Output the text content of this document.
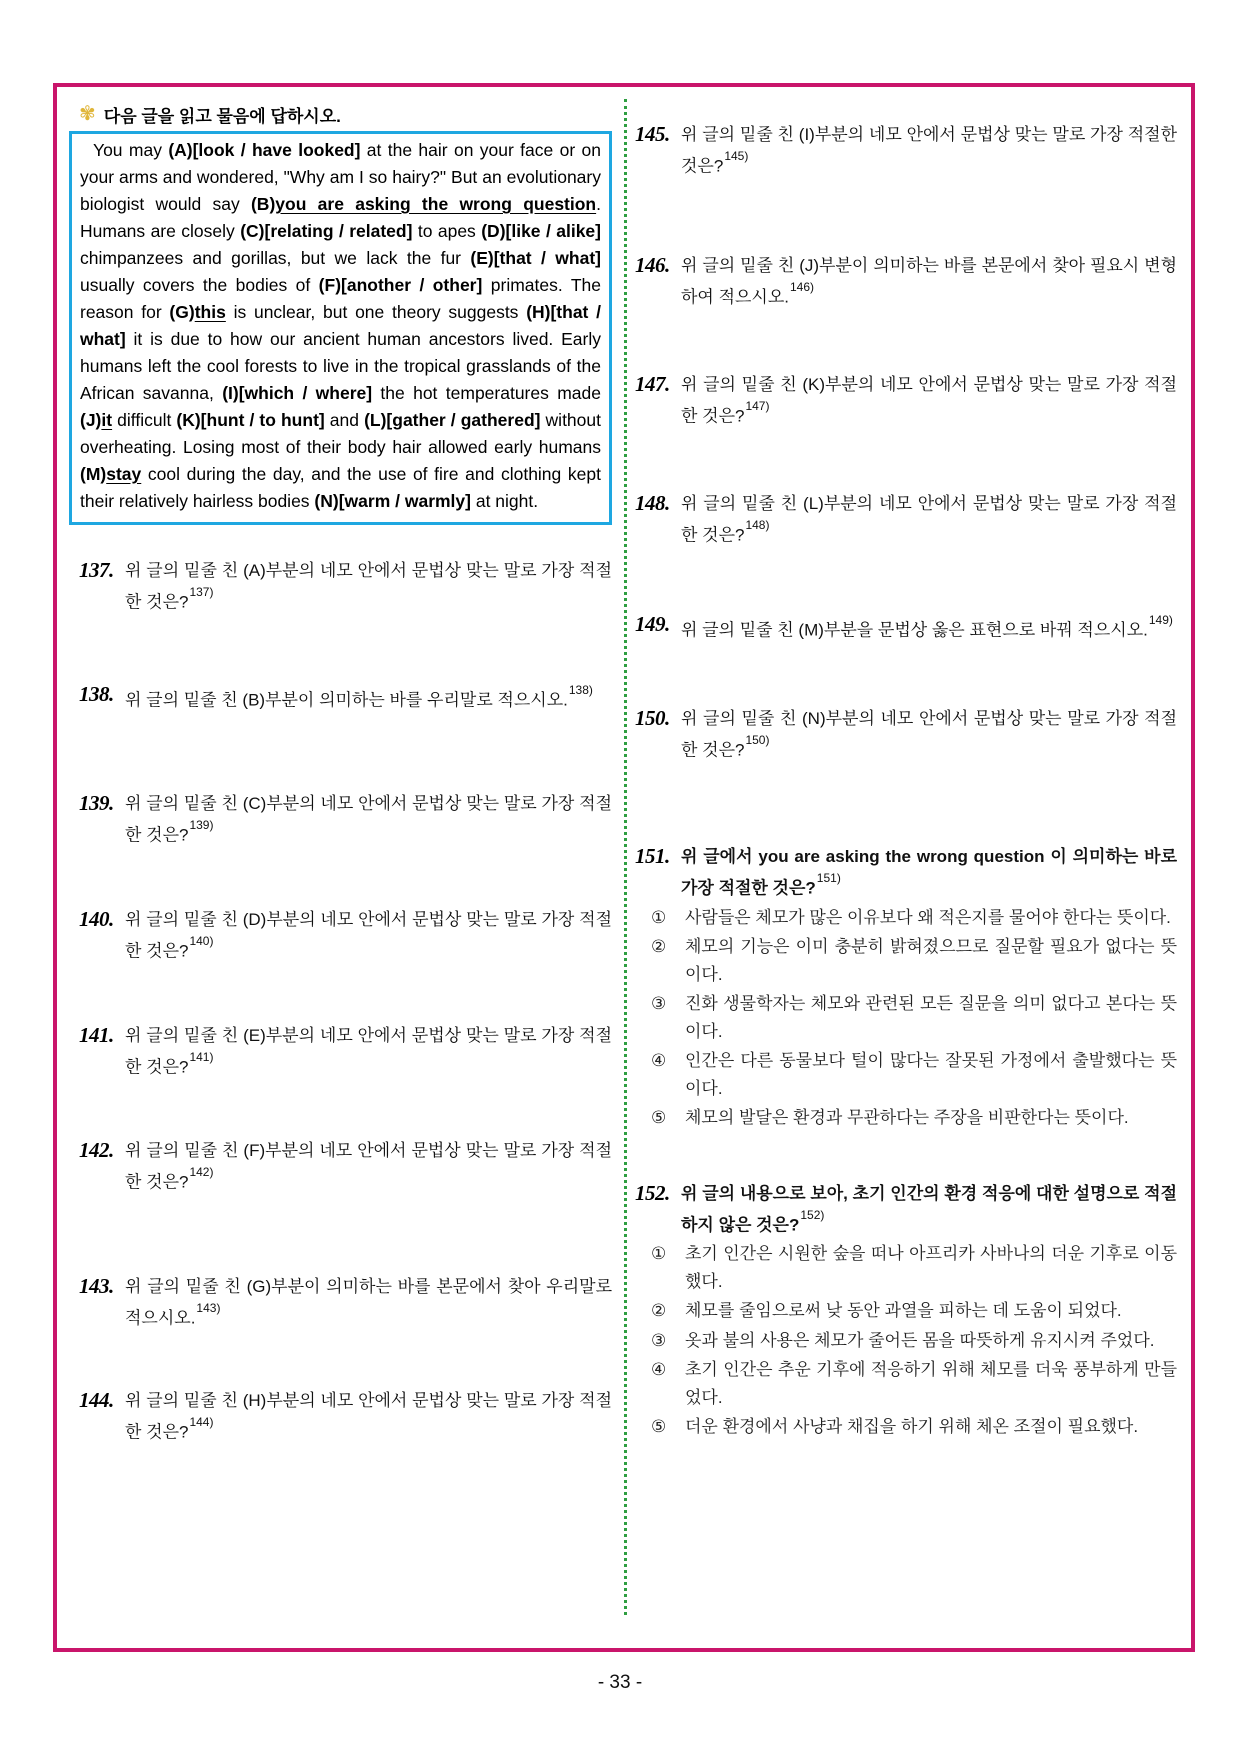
✾ 다음 글을 읽고 물음에 답하시오.

You may (A)[look / have looked] at the hair on your face or on your arms and wondered, "Why am I so hairy?" But an evolutionary biologist would say (B)you are asking the wrong question. Humans are closely (C)[relating / related] to apes (D)[like / alike] chimpanzees and gorillas, but we lack the fur (E)[that / what] usually covers the bodies of (F)[another / other] primates. The reason for (G)this is unclear, but one theory suggests (H)[that / what] it is due to how our ancient human ancestors lived. Early humans left the cool forests to live in the tropical grasslands of the African savanna, (I)[which / where] the hot temperatures made (J)it difficult (K)[hunt / to hunt] and (L)[gather / gathered] without overheating. Losing most of their body hair allowed early humans (M)stay cool during the day, and the use of fire and clothing kept their relatively hairless bodies (N)[warm / warmly] at night.

137. 위 글의 밑줄 친 (A)부분의 네모 안에서 문법상 맞는 말로 가장 적절한 것은?$^{137)}$
138. 위 글의 밑줄 친 (B)부분이 의미하는 바를 우리말로 적으시오.$^{138)}$
139. 위 글의 밑줄 친 (C)부분의 네모 안에서 문법상 맞는 말로 가장 적절한 것은?$^{139)}$
140. 위 글의 밑줄 친 (D)부분의 네모 안에서 문법상 맞는 말로 가장 적절한 것은?$^{140)}$
141. 위 글의 밑줄 친 (E)부분의 네모 안에서 문법상 맞는 말로 가장 적절한 것은?$^{141)}$
142. 위 글의 밑줄 친 (F)부분의 네모 안에서 문법상 맞는 말로 가장 적절한 것은?$^{142)}$
143. 위 글의 밑줄 친 (G)부분이 의미하는 바를 본문에서 찾아 우리말로 적으시오.$^{143)}$
144. 위 글의 밑줄 친 (H)부분의 네모 안에서 문법상 맞는 말로 가장 적절한 것은?$^{144)}$
145. 위 글의 밑줄 친 (I)부분의 네모 안에서 문법상 맞는 말로 가장 적절한 것은?$^{145)}$
146. 위 글의 밑줄 친 (J)부분이 의미하는 바를 본문에서 찾아 필요시 변형하여 적으시오.$^{146)}$
147. 위 글의 밑줄 친 (K)부분의 네모 안에서 문법상 맞는 말로 가장 적절한 것은?$^{147)}$
148. 위 글의 밑줄 친 (L)부분의 네모 안에서 문법상 맞는 말로 가장 적절한 것은?$^{148)}$
149. 위 글의 밑줄 친 (M)부분을 문법상 옳은 표현으로 바꿔 적으시오.$^{149)}$
150. 위 글의 밑줄 친 (N)부분의 네모 안에서 문법상 맞는 말로 가장 적절한 것은?$^{150)}$
151. 위 글에서 you are asking the wrong question 이 의미하는 바로 가장 적절한 것은?$^{151)}$
①	사람들은 체모가 많은 이유보다 왜 적은지를 물어야 한다는 뜻이다.
②	체모의 기능은 이미 충분히 밝혀졌으므로 질문할 필요가 없다는 뜻이다.
③	진화 생물학자는 체모와 관련된 모든 질문을 의미 없다고 본다는 뜻이다.
④	인간은 다른 동물보다 털이 많다는 잘못된 가정에서 출발했다는 뜻이다.
⑤	체모의 발달은 환경과 무관하다는 주장을 비판한다는 뜻이다.
152. 위 글의 내용으로 보아, 초기 인간의 환경 적응에 대한 설명으로 적절하지 않은 것은?$^{152)}$
①	초기 인간은 시원한 숲을 떠나 아프리카 사바나의 더운 기후로 이동했다.
②	체모를 줄임으로써 낮 동안 과열을 피하는 데 도움이 되었다.
③	옷과 불의 사용은 체모가 줄어든 몸을 따뜻하게 유지시켜 주었다.
④	초기 인간은 추운 기후에 적응하기 위해 체모를 더욱 풍부하게 만들었다.
⑤	더운 환경에서 사냥과 채집을 하기 위해 체온 조절이 필요했다.
- 33 -
